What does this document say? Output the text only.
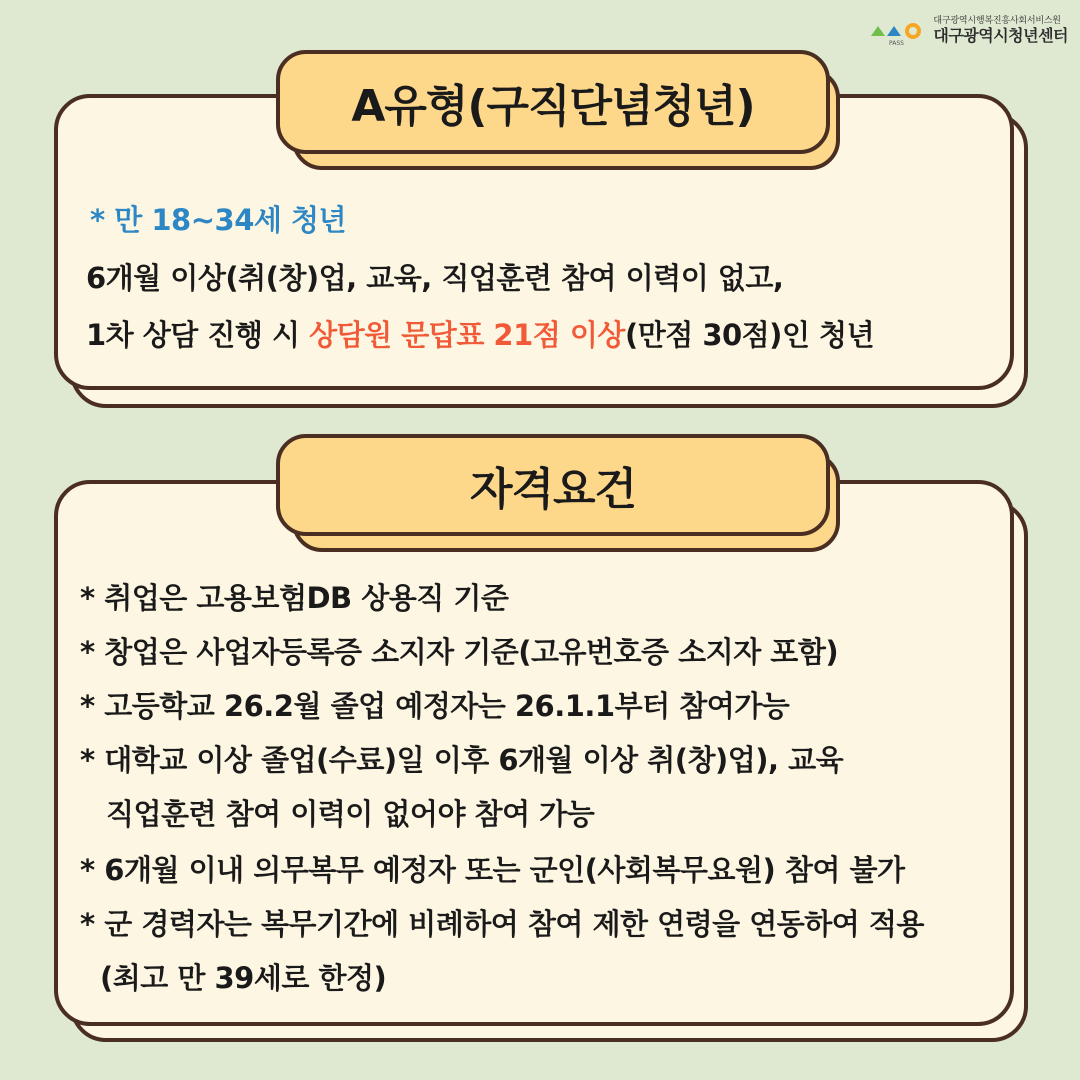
PASS
대구광역시행복진흥사회서비스원
대구광역시청년센터
A유형(구직단념청년)
* 만 18~34세 청년
6개월 이상(취(창)업, 교육, 직업훈련 참여 이력이 없고,
1차 상담 진행 시 상담원 문답표 21점 이상(만점 30점)인 청년
자격요건
* 취업은 고용보험DB 상용직 기준
* 창업은 사업자등록증 소지자 기준(고유번호증 소지자 포함)
* 고등학교 26.2월 졸업 예정자는 26.1.1부터 참여가능
* 대학교 이상 졸업(수료)일 이후 6개월 이상 취(창)업), 교육
직업훈련 참여 이력이 없어야 참여 가능
* 6개월 이내 의무복무 예정자 또는 군인(사회복무요원) 참여 불가
* 군 경력자는 복무기간에 비례하여 참여 제한 연령을 연동하여 적용
(최고 만 39세로 한정)
